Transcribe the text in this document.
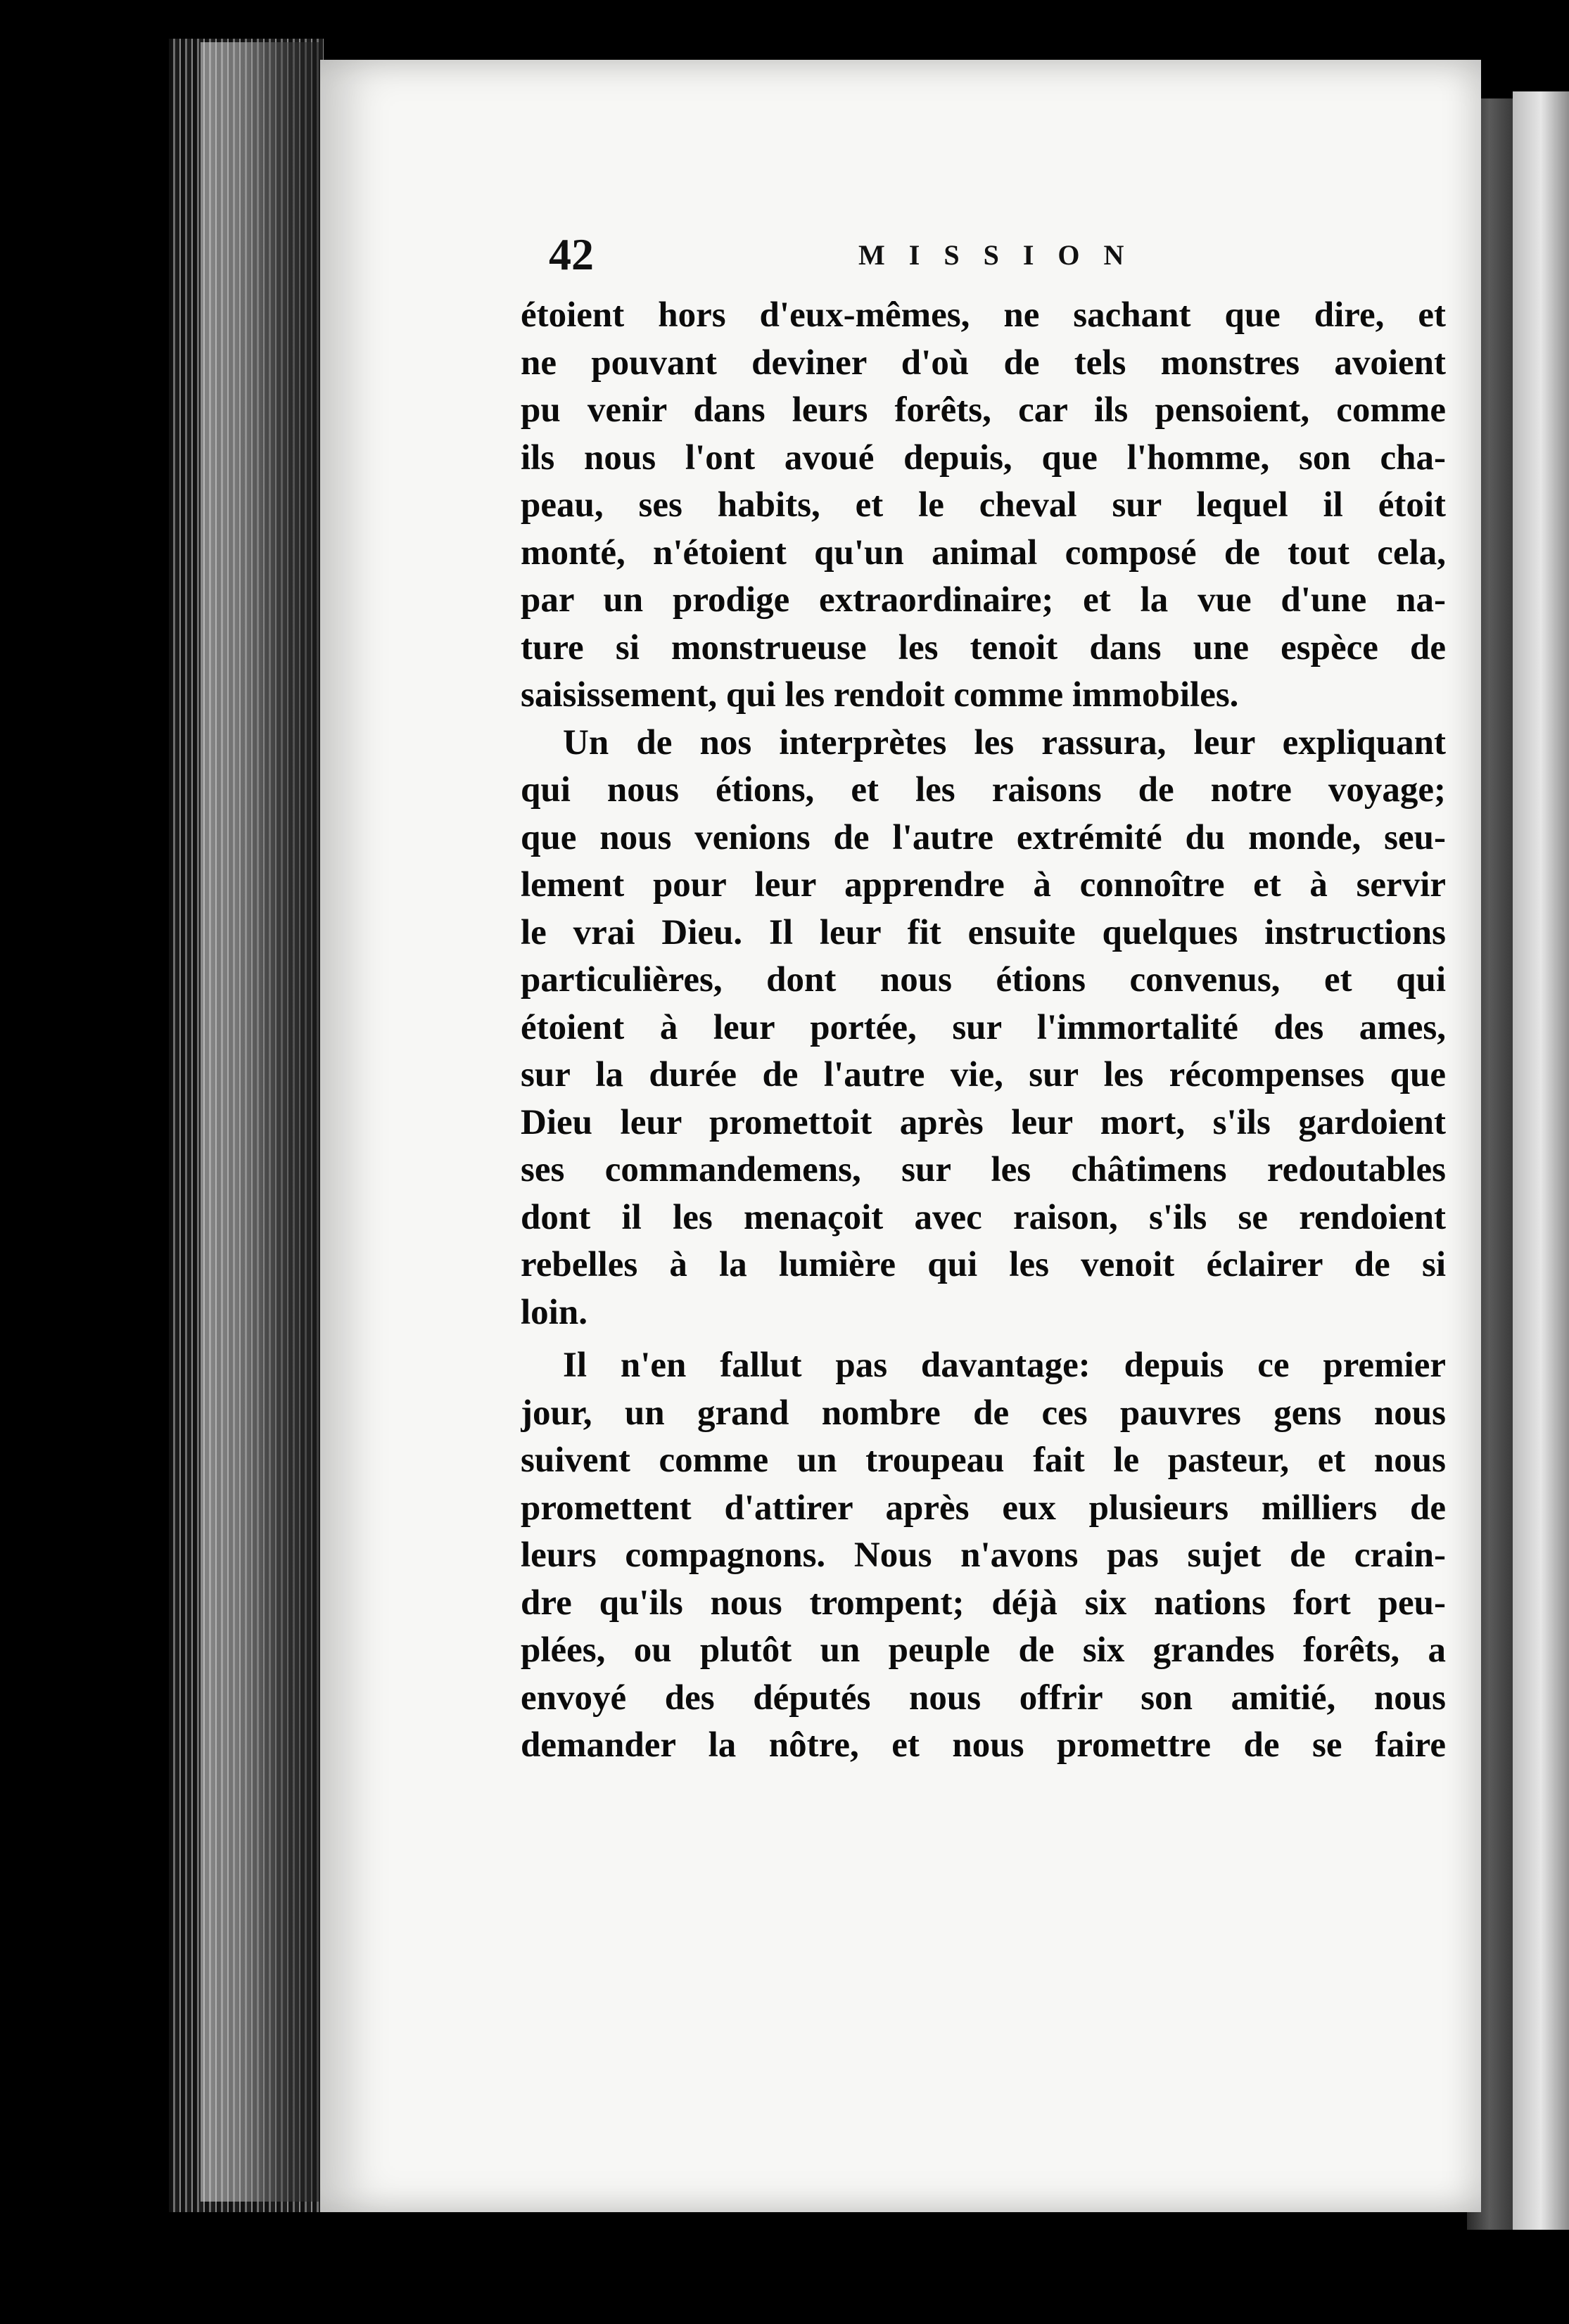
42	MISSION
étoient hors d'eux-mêmes, ne sachant que dire, et
ne pouvant deviner d'où de tels monstres avoient
pu venir dans leurs forêts, car ils pensoient, comme
ils nous l'ont avoué depuis, que l'homme, son cha-
peau, ses habits, et le cheval sur lequel il étoit
monté, n'étoient qu'un animal composé de tout cela,
par un prodige extraordinaire; et la vue d'une na-
ture si monstrueuse les tenoit dans une espèce de
saisissement, qui les rendoit comme immobiles.
Un de nos interprètes les rassura, leur expliquant
qui nous étions, et les raisons de notre voyage;
que nous venions de l'autre extrémité du monde, seu-
lement pour leur apprendre à connoître et à servir
le vrai Dieu. Il leur fit ensuite quelques instructions
particulières, dont nous étions convenus, et qui
étoient à leur portée, sur l'immortalité des ames,
sur la durée de l'autre vie, sur les récompenses que
Dieu leur promettoit après leur mort, s'ils gardoient
ses commandemens, sur les châtimens redoutables
dont il les menaçoit avec raison, s'ils se rendoient
rebelles à la lumière qui les venoit éclairer de si
loin.
Il n'en fallut pas davantage: depuis ce premier
jour, un grand nombre de ces pauvres gens nous
suivent comme un troupeau fait le pasteur, et nous
promettent d'attirer après eux plusieurs milliers de
leurs compagnons. Nous n'avons pas sujet de crain-
dre qu'ils nous trompent; déjà six nations fort peu-
plées, ou plutôt un peuple de six grandes forêts, a
envoyé des députés nous offrir son amitié, nous
demander la nôtre, et nous promettre de se faire
